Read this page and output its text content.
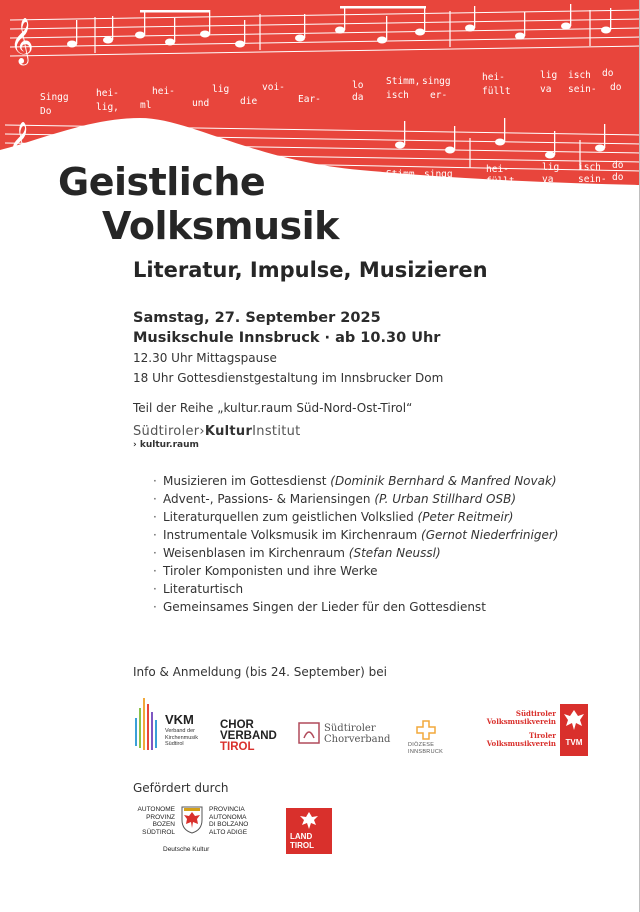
𝄞
𝄞
Singg	hei-	hei-	lig	voi-	lo Stimm, singg	hei-	lig isch do
Do	lig, ml	und	die	Ear-	da isch er-	füllt	va sein- do
Stimm, singg	hei-	lig isch do
isch er-	füllt	va	sein- do
Geistliche
Volksmusik
Literatur, Impulse, Musizieren
Samstag, 27. September 2025
Musikschule Innsbruck · ab 10.30 Uhr
12.30 Uhr Mittagspause
18 Uhr Gottesdienstgestaltung im Innsbrucker Dom
Teil der Reihe „kultur.raum Süd-Nord-Ost-Tirol“
Südtiroler›KulturInstitut
› kultur.raum
· Musizieren im Gottesdienst (Dominik Bernhard & Manfred Novak)
· Advent-, Passions- & Mariensingen (P. Urban Stillhard OSB)
· Literaturquellen zum geistlichen Volkslied (Peter Reitmeir)
· Instrumentale Volksmusik im Kirchenraum (Gernot Niederfriniger)
· Weisenblasen im Kirchenraum (Stefan Neussl)
· Tiroler Komponisten und ihre Werke
· Literaturtisch
· Gemeinsames Singen der Lieder für den Gottesdienst
Info & Anmeldung (bis 24. September) bei
VKM
Verband der
Kirchenmusik
Südtirol
CHOR
VERBAND
TIROL
Südtiroler
Chorverband	DIÖZESE
INNSBRUCK
Südtiroler
Volksmusikverein
Tiroler
Volksmusikverein	TVM
Gefördert durch
AUTONOME
PROVINZ
BOZEN
SÜDTIROL
PROVINCIA
AUTONOMA
DI BOLZANO
ALTO ADIGE
Deutsche Kultur
LAND
TIROL
